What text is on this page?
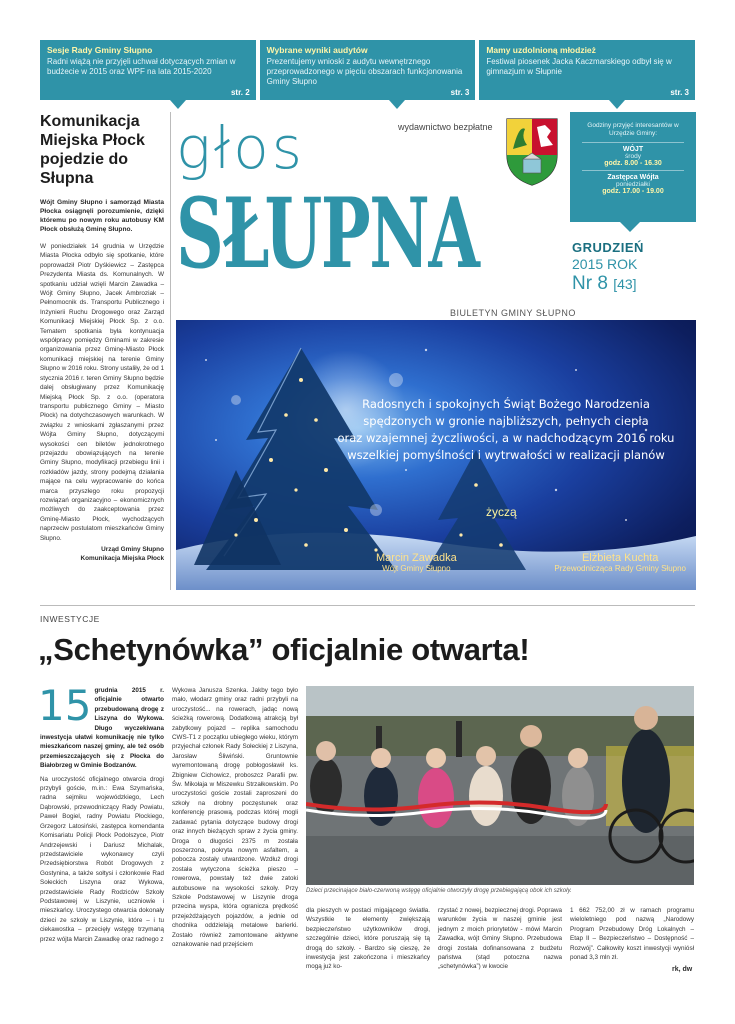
Sesje Rady Gminy Słupno

Radni wiążą nie przyjęli uchwał dotyczących zmian w budżecie w 2015 oraz WPF na lata 2015-2020

str. 2
Wybrane wyniki audytów

Prezentujemy wnioski z audytu wewnętrznego przeprowadzonego w pięciu obszarach funkcjonowania Gminy Słupno

str. 3
Mamy uzdolnioną młodzież

Festiwal piosenek Jacka Kaczmarskiego odbył się w gimnazjum w Słupnie

str. 3
Komunikacja Miejska Płock pojedzie do Słupna

Wójt Gminy Słupno i samorząd Miasta Płocka osiągnęli porozumienie, dzięki któremu po nowym roku autobusy KM Płock obsłużą Gminę Słupno.

W poniedziałek 14 grudnia w Urzędzie Miasta Płocka odbyło się spotkanie, które poprowadził Piotr Dyśkiewicz – Zastępca Prezydenta Miasta ds. Komunalnych. W spotkaniu udział wzięli Marcin Zawadka – Wójt Gminy Słupno, Jacek Ambroziak – Pełnomocnik ds. Transportu Publicznego i Inżynierii Ruchu Drogowego oraz Zarząd Komunikacji Miejskiej Płock Sp. z o.o. Tematem spotkania była kontynuacja współpracy pomiędzy Gminami w zakresie organizowania przez Gminę-Miasto Płock komunikacji miejskiej na terenie Gminy Słupno w 2016 roku. Strony ustaliły, że od 1 stycznia 2016 r. teren Gminy Słupno będzie dalej obsługiwany przez Komunikację Miejską Płock Sp. z o.o. (operatora transportu publicznego Gminy – Miasto Płock) na dotychczasowych warunkach. W związku z wnioskami zgłaszanymi przez Wójta Gminy Słupno, dotyczącymi wysokości cen biletów jednokrotnego przejazdu obowiązujących na terenie Gminy Słupno, modyfikacji przebiegu linii i rozkładów jazdy, strony podejmą działania mające na celu wypracowanie do końca marca przyszłego roku propozycji rozwiązań organizacyjno – ekonomicznych możliwych do zaakceptowania przez Gminę-Miasto Płock, wychodzących naprzeciw postulatom mieszkańców Gminy Słupno.

Urząd Gminy Słupno

Komunikacja Miejska Płock

głos
SŁUPNA
wydawnictwo bezpłatne	Godziny przyjęć interesantów w Urzędzie Gminy:

WÓJT

środy

godz. 8.00 - 16.30

Zastępca Wójta

poniedziałki

godz. 17.00 - 19.00

GRUDZIEŃ

2015 ROK

Nr 8 [43]

BIULETYN GMINY SŁUPNO
Radosnych i spokojnych Świąt Bożego Narodzenia
spędzonych w gronie najbliższych, pełnych ciepła
oraz wzajemnej życzliwości, a w nadchodzącym 2016 roku
wszelkiej pomyślności i wytrwałości w realizacji planów
życzą
Marcin Zawadka
Wójt Gminy Słupno
Elżbieta Kuchta
Przewodnicząca Rady Gminy Słupno
INWESTYCJE
„Schetynówka” oficjalnie otwarta!
15 grudnia 2015 r. oficjalnie otwarto przebudowaną drogę z Liszyna do Wykowa. Długo wyczekiwana inwestycja ułatwi komunikację nie tylko mieszkańcom naszej gminy, ale też osób przemieszczających się z Płocka do Białobrzeg w Gminie Bodzanów.

Na uroczystość oficjalnego otwarcia drogi przybyli goście, m.in.: Ewa Szymańska, radna sejmiku wojewódzkiego, Lech Dąbrowski, przewodniczący Rady Powiatu, Paweł Bogiel, radny Powiatu Płockiego, Grzegorz Latosiński, zastępca komendanta Komisariatu Policji Płock Podolszyce, Piotr Andrzejewski i Dariusz Michalak, przedstawiciele wykonawcy czyli Przedsiębiorstwa Robót Drogowych z Gostynina, a także sołtysi i członkowie Rad Sołeckich Liszyna oraz Wykowa, przedstawiciele Rady Rodziców Szkoły Podstawowej w Liszynie, uczniowie i mieszkańcy. Uroczystego otwarcia dokonały dzieci ze szkoły w Liszynie, które – i tu ciekawostka – przecięły wstęgę trzymaną przez wójta Marcin Zawadkę oraz radnego z

Wykowa Janusza Szenka. Jakby tego było mało, włodarz gminy oraz radni przybyli na uroczystość... na rowerach, jadąc nową ścieżką rowerową. Dodatkową atrakcją był zabytkowy pojazd – replika samochodu CWS-T1 z początku ubiegłego wieku, którym przyjechał członek Rady Sołeckiej z Liszyna, Jarosław Śliwiński. Gruntownie wyremontowaną drogę pobłogosławił ks. Zbigniew Cichowicz, proboszcz Parafii pw. Św. Mikołaja w Miszewku Strzałkowskim. Po uroczystości goście zostali zaproszeni do szkoły na drobny poczęstunek oraz konferencję prasową, podczas której mogli zadawać pytania dotyczące budowy drogi oraz innych bieżących spraw z życia gminy. Droga o długości 2375 m została poszerzona, pokryta nowym asfaltem, a pobocza zostały utwardzone. Wzdłuż drogi została wytyczona ścieżka pieszo – rowerowa, powstały też dwie zatoki autobusowe na wysokości szkoły. Przy Szkole Podstawowej w Liszynie droga przecina wyspa, która ogranicza prędkość przejeżdżających pojazdów, a jednie od chodnika oddzielają metalowe barierki. Zostało również zamontowane aktywne oznakowanie nad przejściem
Dzieci przecinające biało-czerwoną wstęgę oficjalnie otworzyły drogę przebiegającą obok ich szkoły.
dla pieszych w postaci migającego światła. Wszystkie te elementy zwiększają bezpieczeństwo użytkowników drogi, szczególnie dzieci, które poruszają się tą drogą do szkoły. - Bardzo się cieszę, że inwestycja jest zakończona i mieszkańcy mogą już ko-
rzystać z nowej, bezpiecznej drogi. Poprawa warunków życia w naszej gminie jest jednym z moich priorytetów - mówi Marcin Zawadka, wójt Gminy Słupno. Przebudowa drogi została dofinansowana z budżetu państwa (stąd potoczna nazwa „schetynówka”) w kwocie
1 662 752,00 zł w ramach programu wieloletniego pod nazwą „Narodowy Program Przebudowy Dróg Lokalnych – Etap II – Bezpieczeństwo – Dostępność – Rozwój”. Całkowity koszt inwestycji wyniósł ponad 3,3 mln zł.
rk, dw
